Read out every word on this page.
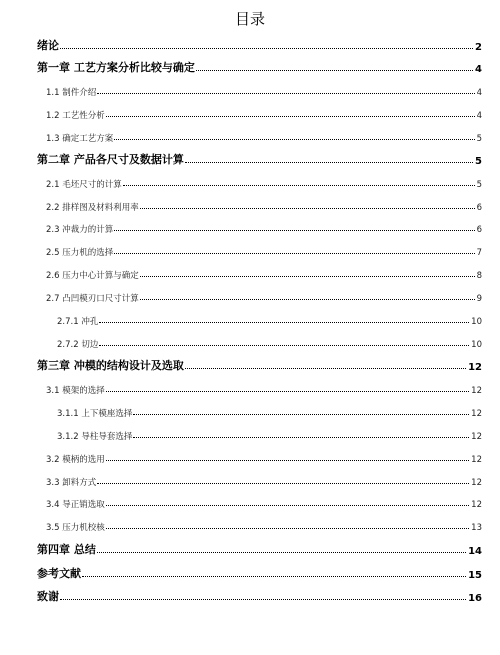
目录
绪论	2
第一章 工艺方案分析比较与确定	4
1.1 制件介绍	4
1.2 工艺性分析	4
1.3 确定工艺方案	5
第二章 产品各尺寸及数据计算	5
2.1 毛坯尺寸的计算	5
2.2 排样图及材料利用率	6
2.3 冲裁力的计算	6
2.5 压力机的选择	7
2.6 压力中心计算与确定	8
2.7 凸凹模刃口尺寸计算	9
2.7.1 冲孔	10
2.7.2 切边	10
第三章 冲模的结构设计及选取	12
3.1 模架的选择	12
3.1.1 上下模座选择	12
3.1.2 导柱导套选择	12
3.2 模柄的选用	12
3.3 卸料方式	12
3.4 导正销选取	12
3.5 压力机校核	13
第四章 总结	14
参考文献	15
致谢	16
